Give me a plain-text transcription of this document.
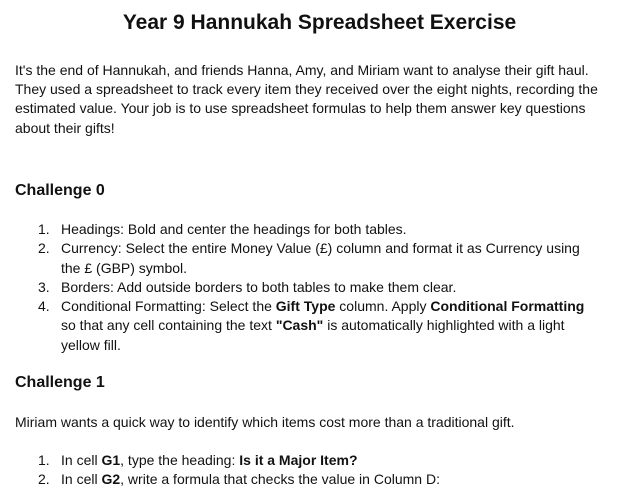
Year 9 Hannukah Spreadsheet Exercise
It's the end of Hannukah, and friends Hanna, Amy, and Miriam want to analyse their gift haul. They used a spreadsheet to track every item they received over the eight nights, recording the estimated value. Your job is to use spreadsheet formulas to help them answer key questions about their gifts!
Challenge 0
1. Headings: Bold and center the headings for both tables.
2. Currency: Select the entire Money Value (£) column and format it as Currency using the £ (GBP) symbol.
3. Borders: Add outside borders to both tables to make them clear.
4. Conditional Formatting: Select the Gift Type column. Apply Conditional Formatting so that any cell containing the text "Cash" is automatically highlighted with a light yellow fill.
Challenge 1
Miriam wants a quick way to identify which items cost more than a traditional gift.
1. In cell G1, type the heading: Is it a Major Item?
2. In cell G2, write a formula that checks the value in Column D:
